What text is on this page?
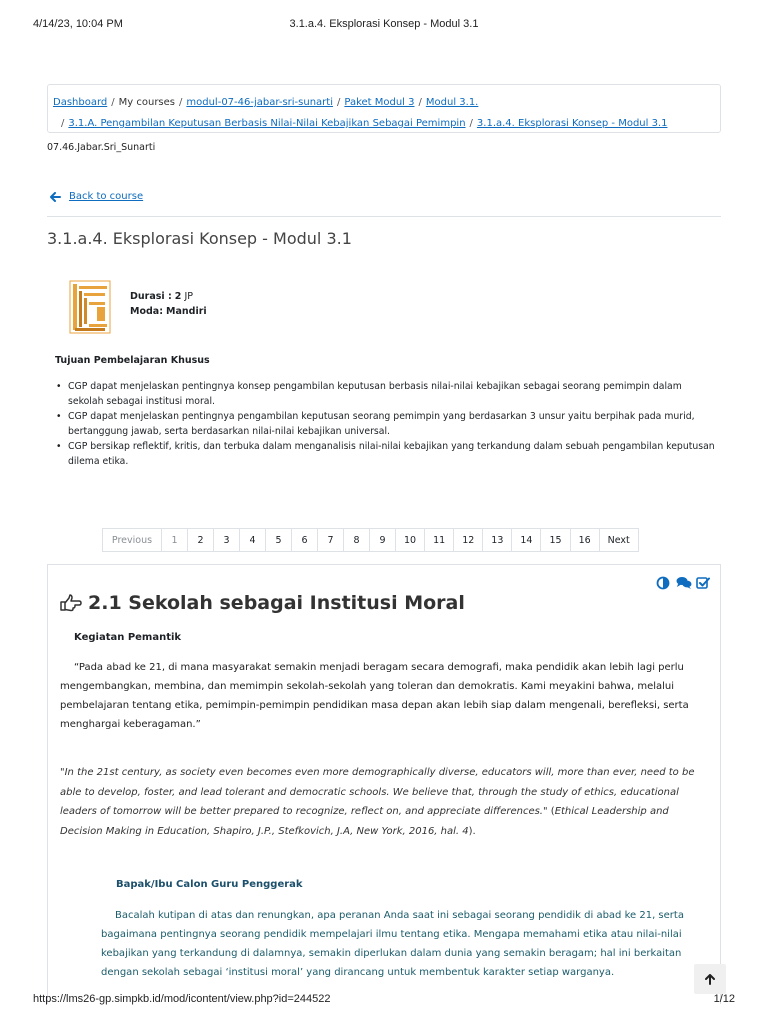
4/14/23, 10:04 PM	3.1.a.4. Eksplorasi Konsep - Modul 3.1
Dashboard / My courses / modul-07-46-jabar-sri-sunarti / Paket Modul 3 / Modul 3.1.
/ 3.1.A. Pengambilan Keputusan Berbasis Nilai-Nilai Kebajikan Sebagai Pemimpin / 3.1.a.4. Eksplorasi Konsep - Modul 3.1
07.46.Jabar.Sri_Sunarti
Back to course
3.1.a.4. Eksplorasi Konsep - Modul 3.1
Durasi : 2 JP
Moda: Mandiri
Tujuan Pembelajaran Khusus
• CGP dapat menjelaskan pentingnya konsep pengambilan keputusan berbasis nilai-nilai kebajikan sebagai seorang pemimpin dalam sekolah sebagai institusi moral.
• CGP dapat menjelaskan pentingnya pengambilan keputusan seorang pemimpin yang berdasarkan 3 unsur yaitu berpihak pada murid, bertanggung jawab, serta berdasarkan nilai-nilai kebajikan universal.
• CGP bersikap reflektif, kritis, dan terbuka dalam menganalisis nilai-nilai kebajikan yang terkandung dalam sebuah pengambilan keputusan dilema etika.
Previous	1	2	3	4	5	6	7	8	9	10	11	12	13	14	15	16	Next
2.1 Sekolah sebagai Institusi Moral
Kegiatan Pemantik

“Pada abad ke 21, di mana masyarakat semakin menjadi beragam secara demografi, maka pendidik akan lebih lagi perlu mengembangkan, membina, dan memimpin sekolah-sekolah yang toleran dan demokratis. Kami meyakini bahwa, melalui pembelajaran tentang etika, pemimpin-pemimpin pendidikan masa depan akan lebih siap dalam mengenali, berefleksi, serta menghargai keberagaman.”

"In the 21st century, as society even becomes even more demographically diverse, educators will, more than ever, need to be able to develop, foster, and lead tolerant and democratic schools. We believe that, through the study of ethics, educational leaders of tomorrow will be better prepared to recognize, reflect on, and appreciate differences." (Ethical Leadership and Decision Making in Education, Shapiro, J.P., Stefkovich, J.A, New York, 2016, hal. 4).

Bapak/Ibu Calon Guru Penggerak

Bacalah kutipan di atas dan renungkan, apa peranan Anda saat ini sebagai seorang pendidik di abad ke 21, serta bagaimana pentingnya seorang pendidik mempelajari ilmu tentang etika. Mengapa memahami etika atau nilai-nilai kebajikan yang terkandung di dalamnya, semakin diperlukan dalam dunia yang semakin beragam; hal ini berkaitan dengan sekolah sebagai ‘institusi moral’ yang dirancang untuk membentuk karakter setiap warganya.

https://lms26-gp.simpkb.id/mod/icontent/view.php?id=244522	1/12
